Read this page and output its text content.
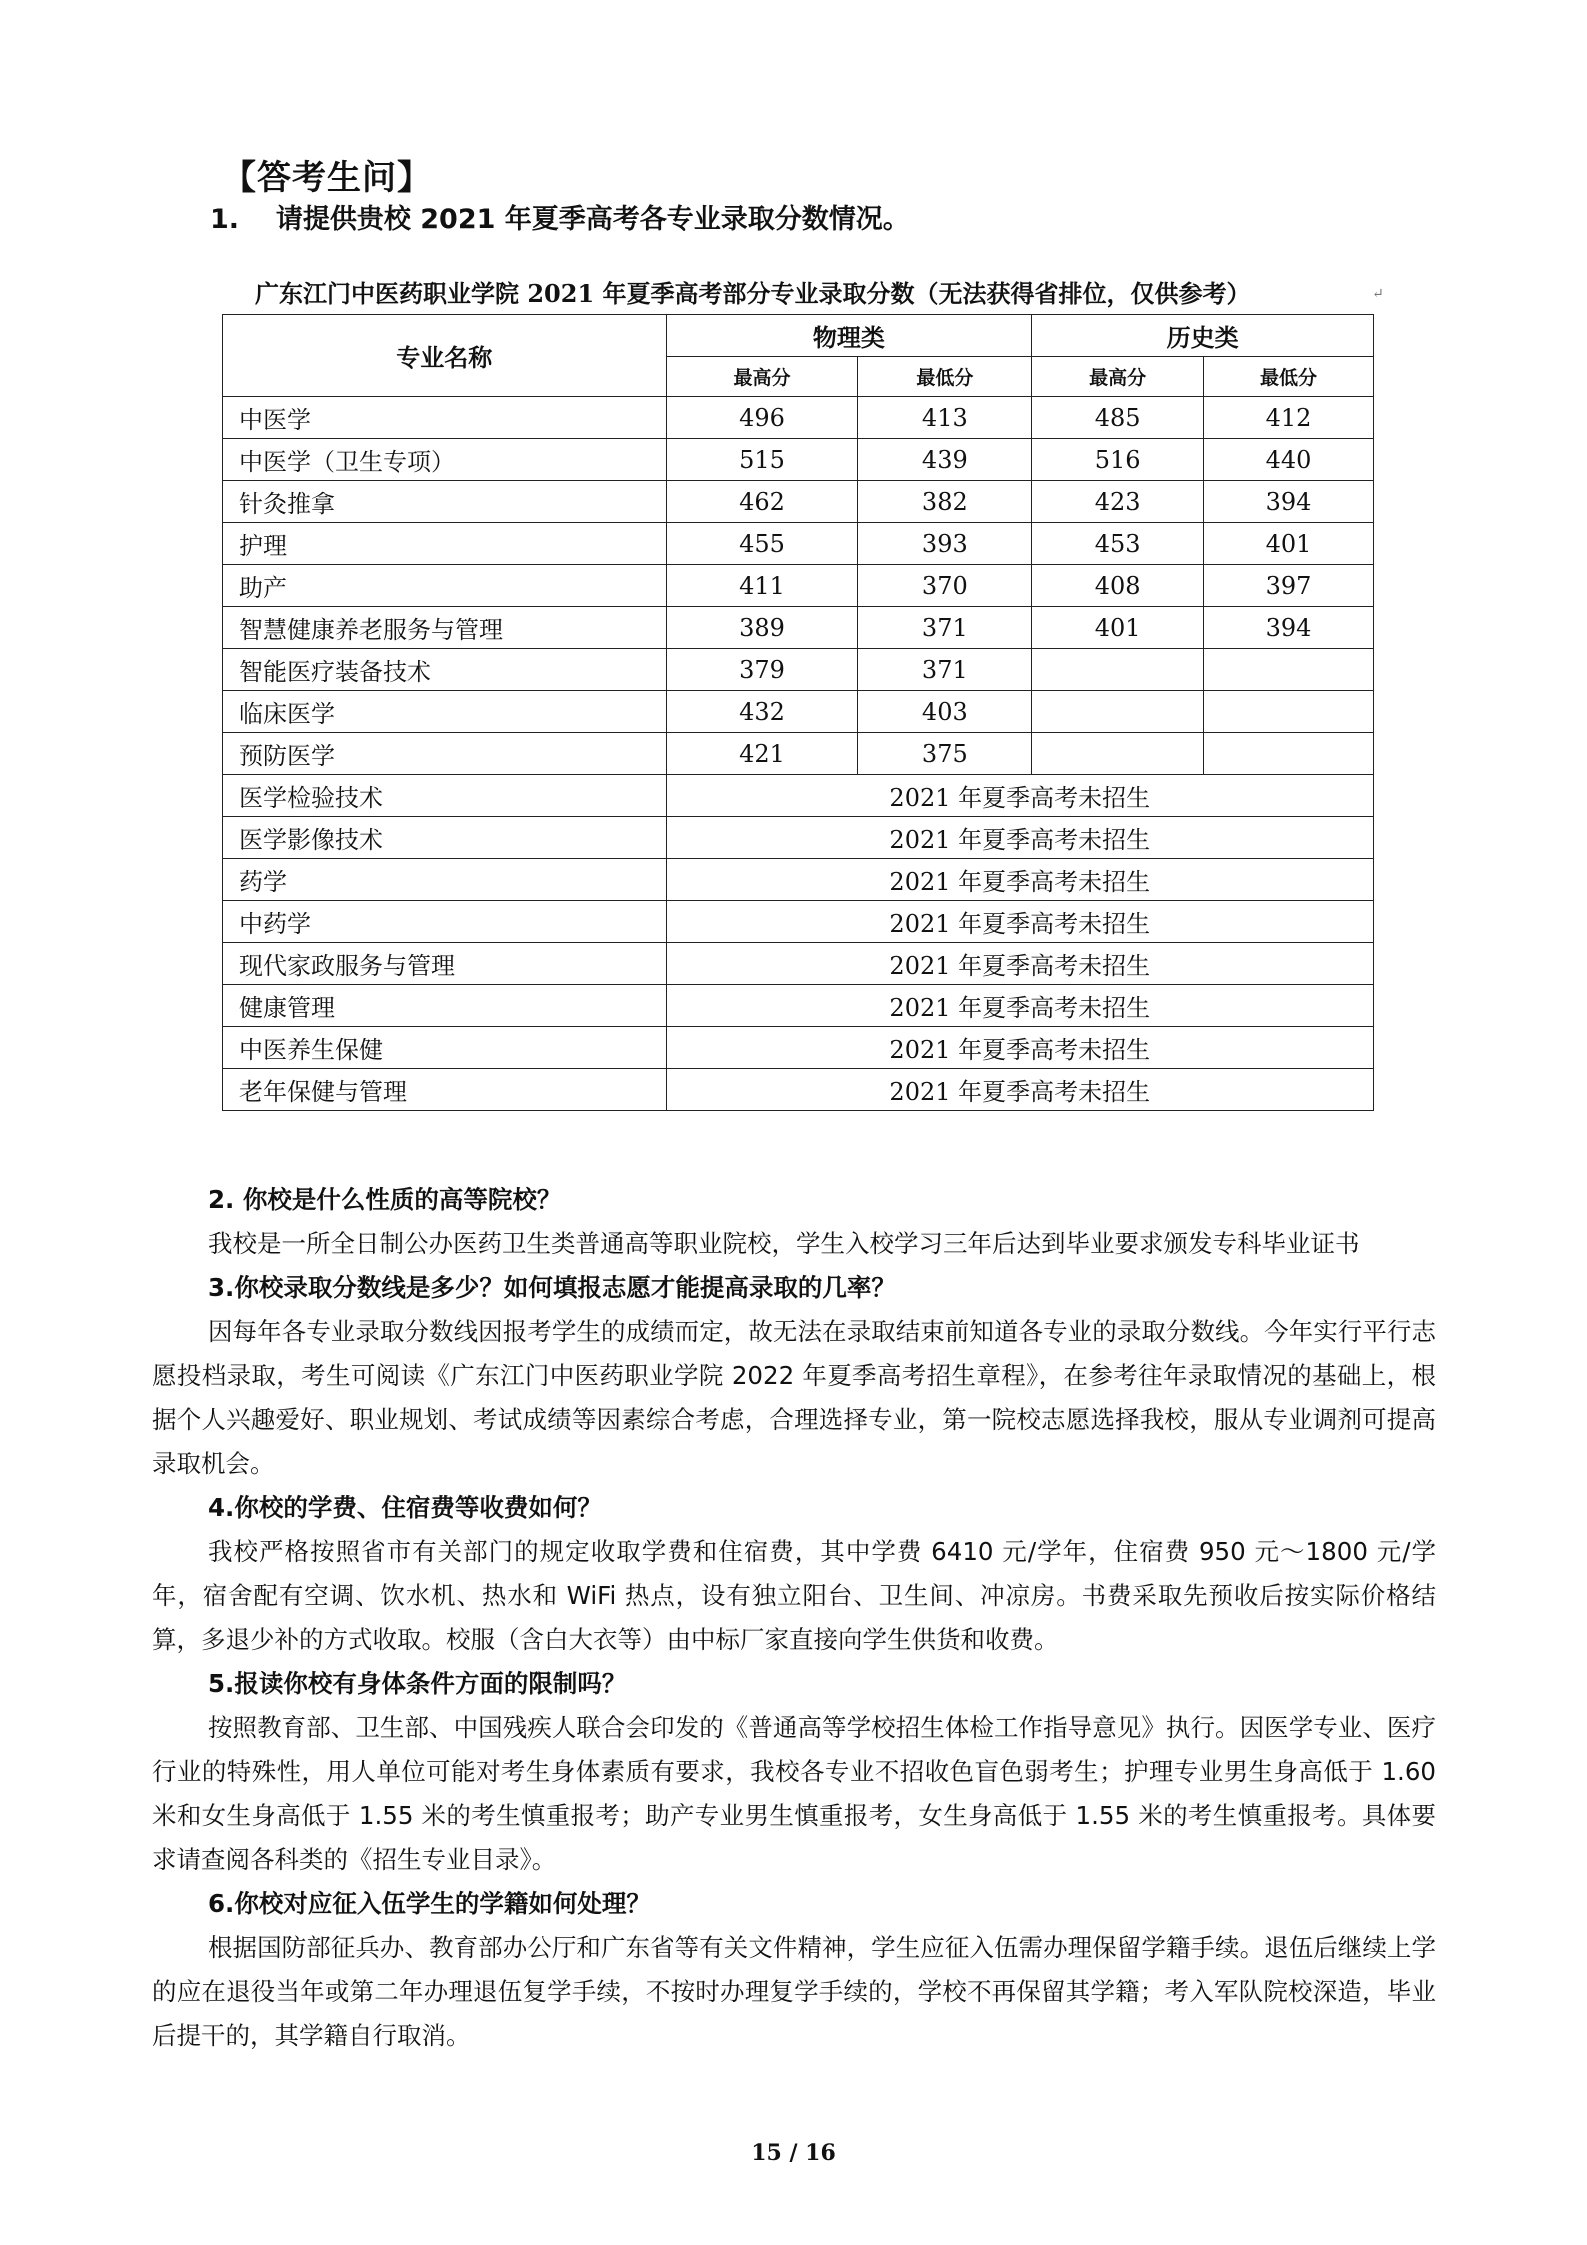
【答考生问】
1. 请提供贵校 2021 年夏季高考各专业录取分数情况。
广东江门中医药职业学院 2021 年夏季高考部分专业录取分数（无法获得省排位，仅供参考）	↵
专业名称	物理类		历史类	
	最高分	最低分	最高分	最低分
中医学	496	413	485	412
中医学（卫生专项）	515	439	516	440
针灸推拿	462	382	423	394
护理	455	393	453	401
助产	411	370	408	397
智慧健康养老服务与管理	389	371	401	394
智能医疗装备技术	379	371		
临床医学	432	403		
预防医学	421	375		
医学检验技术	2021 年夏季高考未招生			
医学影像技术	2021 年夏季高考未招生			
药学	2021 年夏季高考未招生			
中药学	2021 年夏季高考未招生			
现代家政服务与管理	2021 年夏季高考未招生			
健康管理	2021 年夏季高考未招生			
中医养生保健	2021 年夏季高考未招生			
老年保健与管理	2021 年夏季高考未招生			
2. 你校是什么性质的高等院校？
我校是一所全日制公办医药卫生类普通高等职业院校，学生入校学习三年后达到毕业要求颁发专科毕业证书
3.你校录取分数线是多少？如何填报志愿才能提高录取的几率？
因每年各专业录取分数线因报考学生的成绩而定，故无法在录取结束前知道各专业的录取分数线。今年实行平行志愿投档录取，考生可阅读《广东江门中医药职业学院 2022 年夏季高考招生章程》，在参考往年录取情况的基础上，根据个人兴趣爱好、职业规划、考试成绩等因素综合考虑，合理选择专业，第一院校志愿选择我校，服从专业调剂可提高录取机会。
4.你校的学费、住宿费等收费如何？
我校严格按照省市有关部门的规定收取学费和住宿费，其中学费 6410 元/学年，住宿费 950 元～1800 元/学年，宿舍配有空调、饮水机、热水和 WiFi 热点，设有独立阳台、卫生间、冲凉房。书费采取先预收后按实际价格结算，多退少补的方式收取。校服（含白大衣等）由中标厂家直接向学生供货和收费。
5.报读你校有身体条件方面的限制吗？
按照教育部、卫生部、中国残疾人联合会印发的《普通高等学校招生体检工作指导意见》执行。因医学专业、医疗行业的特殊性，用人单位可能对考生身体素质有要求，我校各专业不招收色盲色弱考生；护理专业男生身高低于 1.60 米和女生身高低于 1.55 米的考生慎重报考；助产专业男生慎重报考，女生身高低于 1.55 米的考生慎重报考。具体要求请查阅各科类的《招生专业目录》。
6.你校对应征入伍学生的学籍如何处理？
根据国防部征兵办、教育部办公厅和广东省等有关文件精神，学生应征入伍需办理保留学籍手续。退伍后继续上学的应在退役当年或第二年办理退伍复学手续，不按时办理复学手续的，学校不再保留其学籍；考入军队院校深造，毕业后提干的，其学籍自行取消。
15 / 16
